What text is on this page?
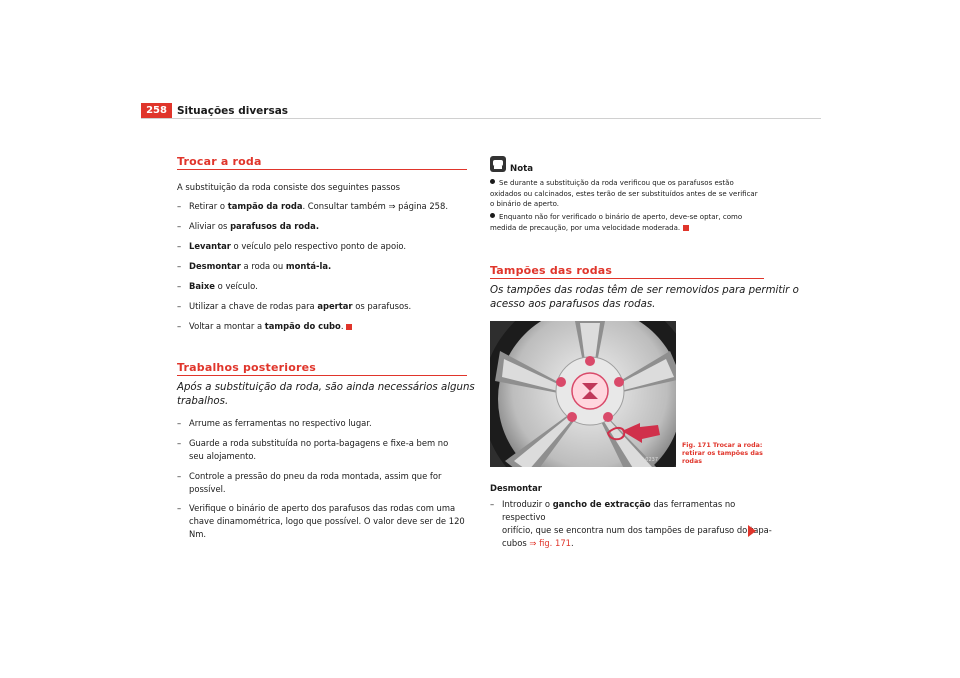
258 Situações diversas
Trocar a roda
A substituição da roda consiste dos seguintes passos
– Retirar o tampão da roda. Consultar também ⇒ página 258.
– Aliviar os parafusos da roda.
– Levantar o veículo pelo respectivo ponto de apoio.
– Desmontar a roda ou montá-la.
– Baixe o veículo.
– Utilizar a chave de rodas para apertar os parafusos.
– Voltar a montar a tampão do cubo.
Trabalhos posteriores
Após a substituição da roda, são ainda necessários alguns
trabalhos.
– Arrume as ferramentas no respectivo lugar.
– Guarde a roda substituída no porta-bagagens e fixe-a bem no
seu alojamento.
– Controle a pressão do pneu da roda montada, assim que for
possível.
– Verifique o binário de aperto dos parafusos das rodas com uma
chave dinamométrica, logo que possível. O valor deve ser de 120
Nm.
Nota
Se durante a substituição da roda verificou que os parafusos estão
oxidados ou calcinados, estes terão de ser substituídos antes de se verificar
o binário de aperto.
Enquanto não for verificado o binário de aperto, deve-se optar, como
medida de precaução, por uma velocidade moderada.
Tampões das rodas
Os tampões das rodas têm de ser removidos para permitir o
acesso aos parafusos das rodas.
B5F-0237
Fig. 171 Trocar a roda:
retirar os tampões das
rodas
Desmontar
– Introduzir o gancho de extracção das ferramentas no respectivo
orifício, que se encontra num dos tampões de parafuso do tapa-
cubos ⇒ fig. 171.
